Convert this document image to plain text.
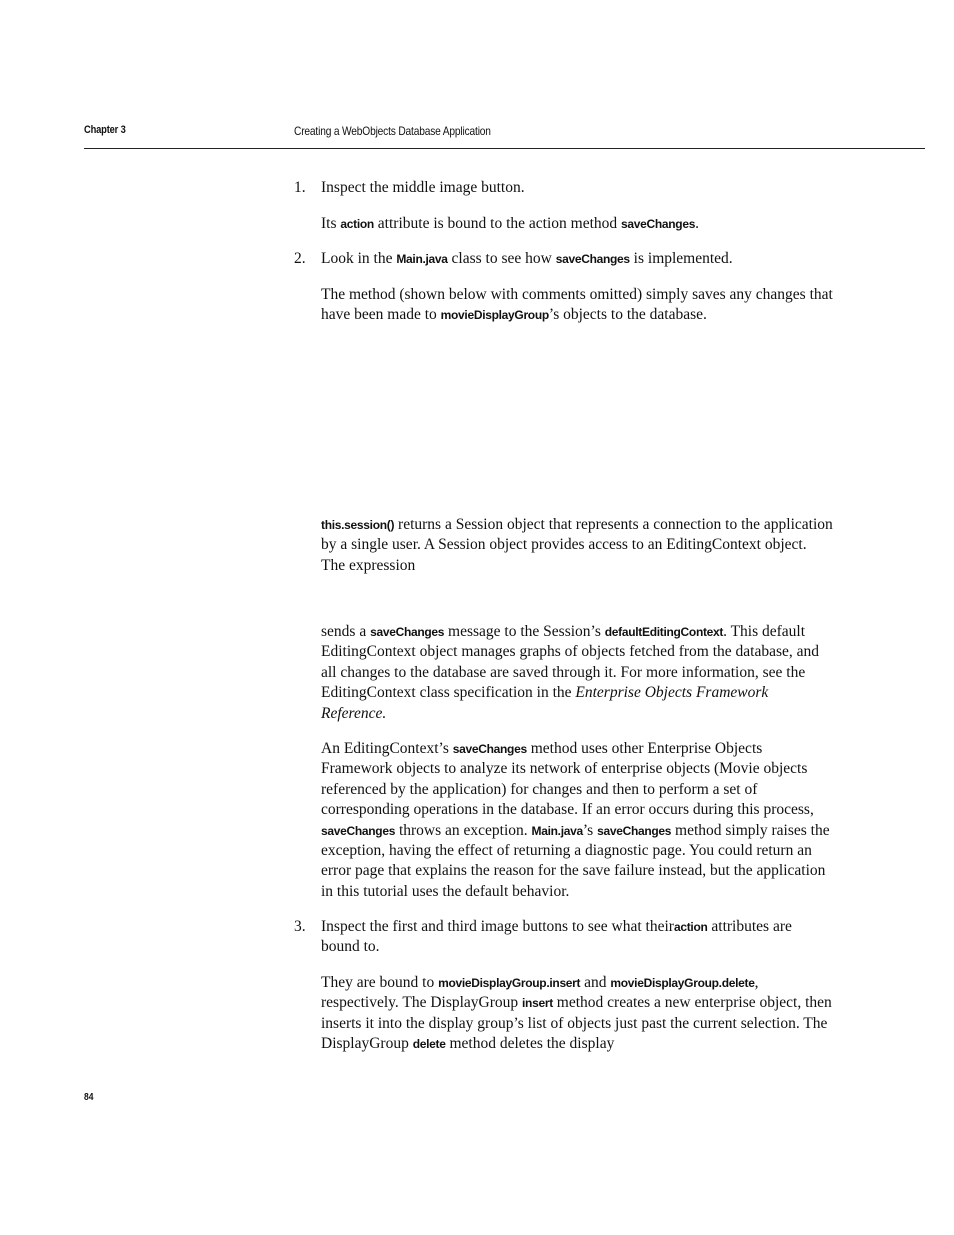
Chapter 3	Creating a WebObjects Database Application
1. Inspect the middle image button.

Its action attribute is bound to the action method saveChanges.

2. Look in the Main.java class to see how saveChanges is implemented.

The method (shown below with comments omitted) simply saves any changes that have been made to movieDisplayGroup’s objects to the database.

this.session() returns a Session object that represents a connection to the application by a single user. A Session object provides access to an EditingContext object. The expression

sends a saveChanges message to the Session’s defaultEditingContext. This default EditingContext object manages graphs of objects fetched from the database, and all changes to the database are saved through it. For more information, see the EditingContext class specification in the Enterprise Objects Framework Reference.

An EditingContext’s saveChanges method uses other Enterprise Objects Framework objects to analyze its network of enterprise objects (Movie objects referenced by the application) for changes and then to perform a set of corresponding operations in the database. If an error occurs during this process, saveChanges throws an exception. Main.java’s saveChanges method simply raises the exception, having the effect of returning a diagnostic page. You could return an error page that explains the reason for the save failure instead, but the application in this tutorial uses the default behavior.

3. Inspect the first and third image buttons to see what theiraction attributes are bound to.

They are bound to movieDisplayGroup.insert and movieDisplayGroup.delete, respectively. The DisplayGroup insert method creates a new enterprise object, then inserts it into the display group’s list of objects just past the current selection. The DisplayGroup delete method deletes the display

84
